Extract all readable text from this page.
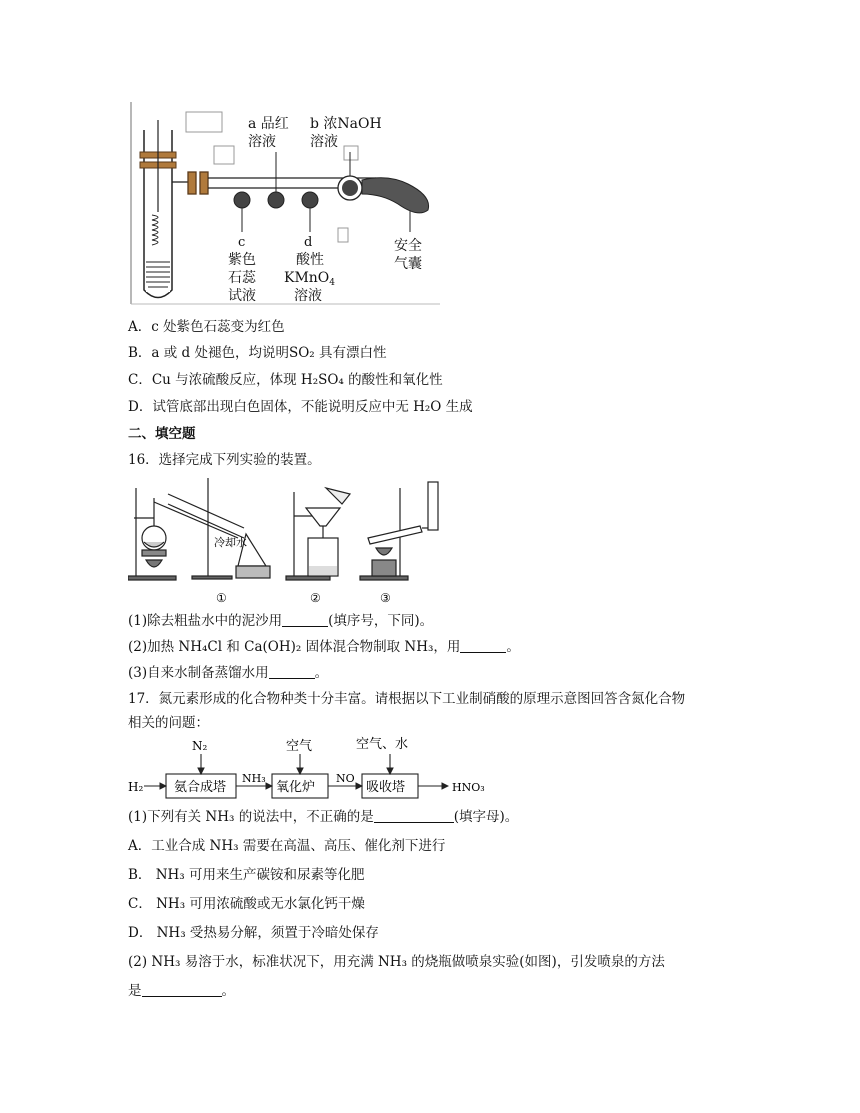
a 品红
溶液
b 浓NaOH
溶液
c
紫色
石蕊
试液
d
酸性
KMnO$_4$
溶液
安全
气囊
A．c 处紫色石蕊变为红色
B．a 或 d 处褪色，均说明SO₂ 具有漂白性
C．Cu 与浓硫酸反应，体现 H₂SO₄ 的酸性和氧化性
D．试管底部出现白色固体，不能说明反应中无 H₂O 生成
二、填空题
16．选择完成下列实验的装置。
冷却水
①	②	③
(1)除去粗盐水中的泥沙用	(填序号，下同)。
(2)加热 NH₄Cl 和 Ca(OH)₂ 固体混合物制取 NH₃，用	。
(3)自来水制备蒸馏水用	。
17．氮元素形成的化合物种类十分丰富。请根据以下工业制硝酸的原理示意图回答含氮化合物
相关的问题：
H₂
N₂	空气	空气、水
氨合成塔	氧化炉	吸收塔
NH₃	NO
HNO₃
(1)下列有关 NH₃ 的说法中，不正确的是	(填字母)。
A．工业合成 NH₃ 需要在高温、高压、催化剂下进行
B． NH₃ 可用来生产碳铵和尿素等化肥
C． NH₃ 可用浓硫酸或无水氯化钙干燥
D． NH₃ 受热易分解，须置于冷暗处保存
(2) NH₃ 易溶于水，标准状况下，用充满 NH₃ 的烧瓶做喷泉实验(如图)，引发喷泉的方法
是	。
